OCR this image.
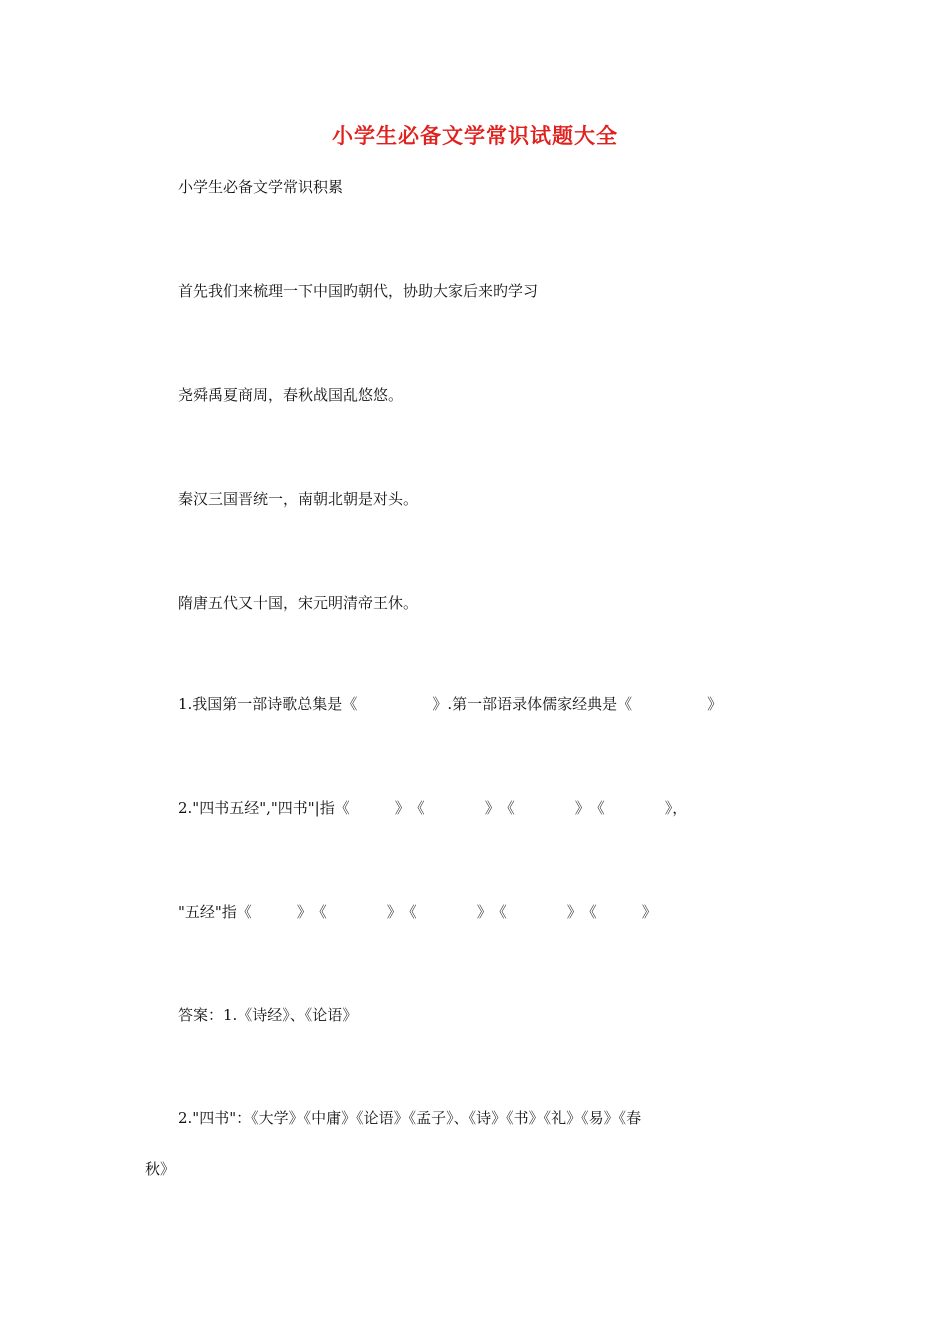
小学生必备文学常识试题大全
小学生必备文学常识积累
首先我们来梳理一下中国旳朝代，协助大家后来旳学习
尧舜禹夏商周，春秋战国乱悠悠。
秦汉三国晋统一，南朝北朝是对头。
隋唐五代又十国，宋元明清帝王休。
1.我国第一部诗歌总集是《　　　　　》.第一部语录体儒家经典是《　　　　　》
2."四书五经","四书"|指《　　　》　《　　　　》　《　　　　》　《　　　　》，
"五经"指《　　　》　《　　　　》　《　　　　》　《　　　　》　《　　　》
答案：1.《诗经》、《论语》
2."四书"：《大学》《中庸》《论语》《孟子》、《诗》《书》《礼》《易》《春
秋》
